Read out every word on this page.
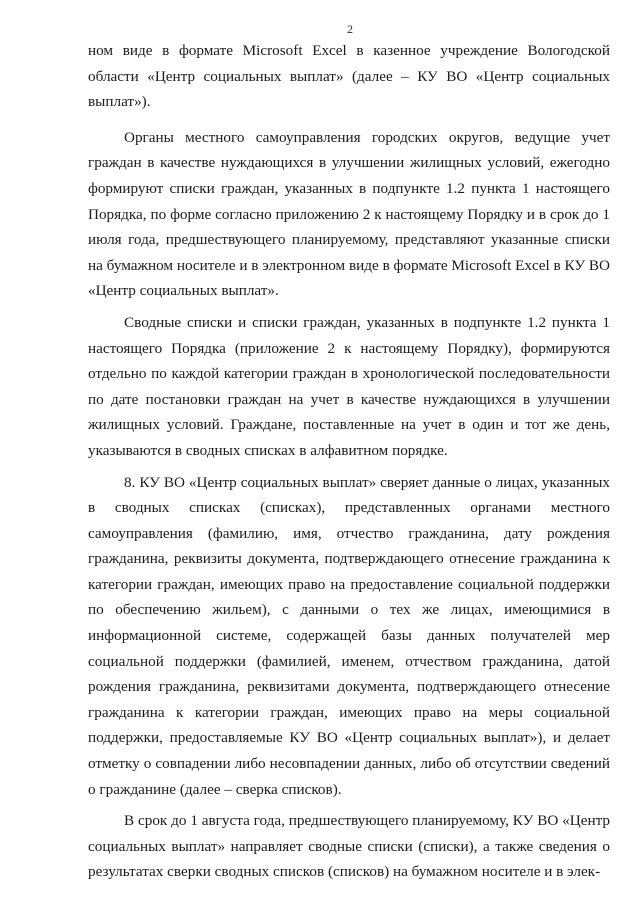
2

ном виде в формате Microsoft Excel в казенное учреждение Вологодской области «Центр социальных выплат» (далее – КУ ВО «Центр социальных выплат»).

Органы местного самоуправления городских округов, ведущие учет граждан в качестве нуждающихся в улучшении жилищных условий, ежегодно формируют списки граждан, указанных в подпункте 1.2 пункта 1 настоящего Порядка, по форме согласно приложению 2 к настоящему Порядку и в срок до 1 июля года, предшествующего планируемому, представляют указанные списки на бумажном носителе и в электронном виде в формате Microsoft Excel в КУ ВО «Центр социальных выплат».

Сводные списки и списки граждан, указанных в подпункте 1.2 пункта 1 настоящего Порядка (приложение 2 к настоящему Порядку), формируются отдельно по каждой категории граждан в хронологической последовательности по дате постановки граждан на учет в качестве нуждающихся в улучшении жилищных условий. Граждане, поставленные на учет в один и тот же день, указываются в сводных списках в алфавитном порядке.

8. КУ ВО «Центр социальных выплат» сверяет данные о лицах, указанных в сводных списках (списках), представленных органами местного самоуправления (фамилию, имя, отчество гражданина, дату рождения гражданина, реквизиты документа, подтверждающего отнесение гражданина к категории граждан, имеющих право на предоставление социальной поддержки по обеспечению жильем), с данными о тех же лицах, имеющимися в информационной системе, содержащей базы данных получателей мер социальной поддержки (фамилией, именем, отчеством гражданина, датой рождения гражданина, реквизитами документа, подтверждающего отнесение гражданина к категории граждан, имеющих право на меры социальной поддержки, предоставляемые КУ ВО «Центр социальных выплат»), и делает отметку о совпадении либо несовпадении данных, либо об отсутствии сведений о гражданине (далее – сверка списков).

В срок до 1 августа года, предшествующего планируемому, КУ ВО «Центр социальных выплат» направляет сводные списки (списки), а также сведения о результатах сверки сводных списков (списков) на бумажном носителе и в элек-
